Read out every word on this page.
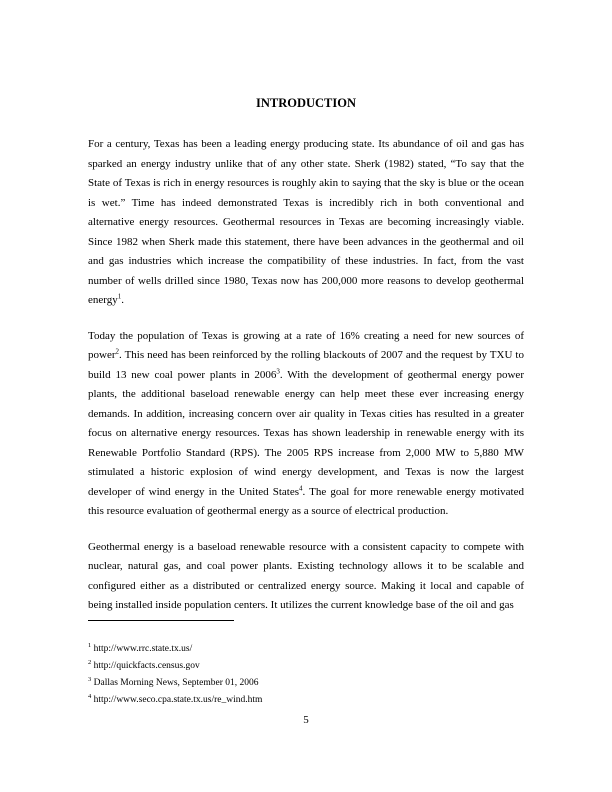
INTRODUCTION

For a century, Texas has been a leading energy producing state. Its abundance of oil and gas has sparked an energy industry unlike that of any other state. Sherk (1982) stated, “To say that the State of Texas is rich in energy resources is roughly akin to saying that the sky is blue or the ocean is wet.” Time has indeed demonstrated Texas is incredibly rich in both conventional and alternative energy resources. Geothermal resources in Texas are becoming increasingly viable. Since 1982 when Sherk made this statement, there have been advances in the geothermal and oil and gas industries which increase the compatibility of these industries. In fact, from the vast number of wells drilled since 1980, Texas now has 200,000 more reasons to develop geothermal energy$^1$.

Today the population of Texas is growing at a rate of 16% creating a need for new sources of power$^2$. This need has been reinforced by the rolling blackouts of 2007 and the request by TXU to build 13 new coal power plants in 2006$^3$. With the development of geothermal energy power plants, the additional baseload renewable energy can help meet these ever increasing energy demands. In addition, increasing concern over air quality in Texas cities has resulted in a greater focus on alternative energy resources. Texas has shown leadership in renewable energy with its Renewable Portfolio Standard (RPS). The 2005 RPS increase from 2,000 MW to 5,880 MW stimulated a historic explosion of wind energy development, and Texas is now the largest developer of wind energy in the United States$^4$. The goal for more renewable energy motivated this resource evaluation of geothermal energy as a source of electrical production.

Geothermal energy is a baseload renewable resource with a consistent capacity to compete with nuclear, natural gas, and coal power plants. Existing technology allows it to be scalable and configured either as a distributed or centralized energy source. Making it local and capable of being installed inside population centers. It utilizes the current knowledge base of the oil and gas

$^1$ http://www.rrc.state.tx.us/
$^2$ http://quickfacts.census.gov
$^3$ Dallas Morning News, September 01, 2006
$^4$ http://www.seco.cpa.state.tx.us/re_wind.htm
5
